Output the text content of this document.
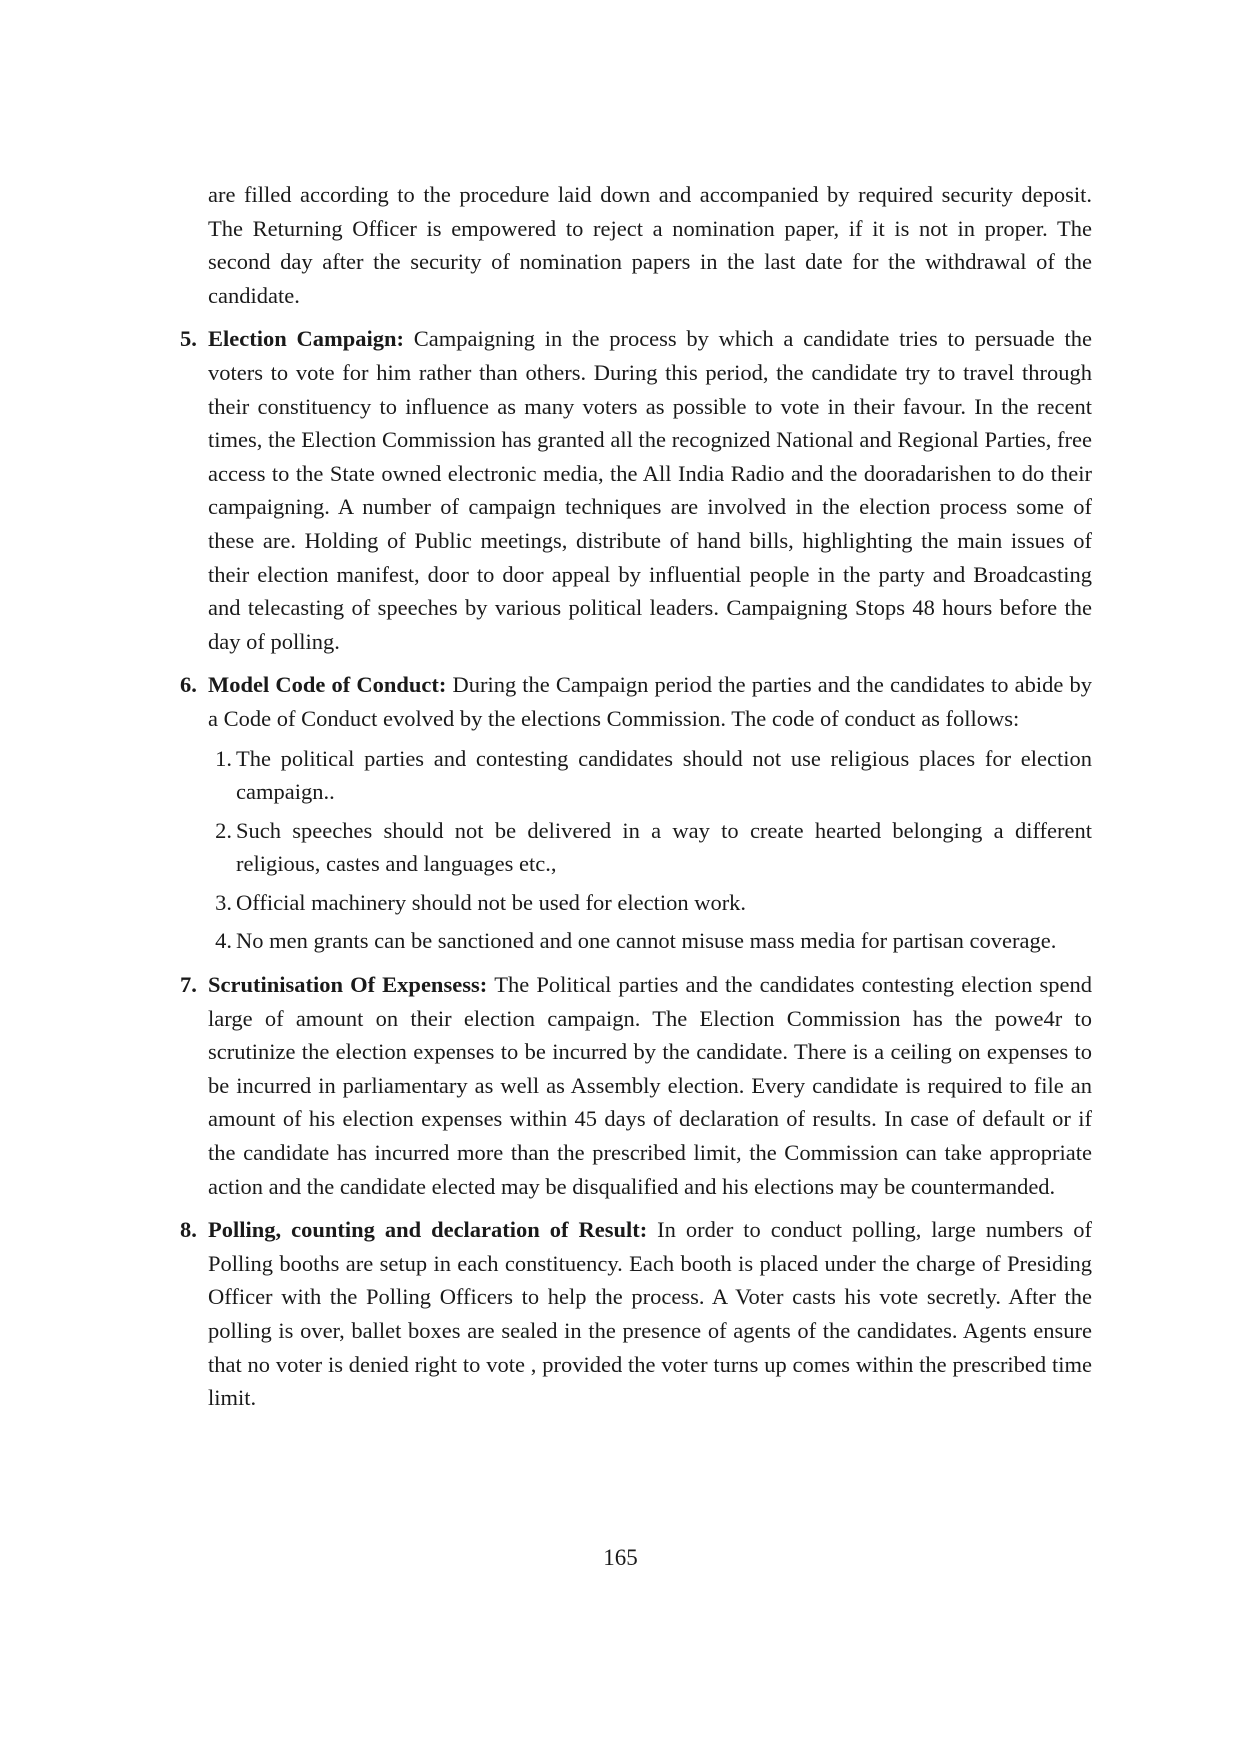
are filled according to the procedure laid down and accompanied by required security deposit. The Returning Officer is empowered to reject a nomination paper, if it is not in proper. The second day after the security of nomination papers in the last date for the withdrawal of the candidate.

5. Election Campaign: Campaigning in the process by which a candidate tries to persuade the voters to vote for him rather than others. During this period, the candidate try to travel through their constituency to influence as many voters as possible to vote in their favour. In the recent times, the Election Commission has granted all the recognized National and Regional Parties, free access to the State owned electronic media, the All India Radio and the dooradarishen to do their campaigning. A number of campaign techniques are involved in the election process some of these are. Holding of Public meetings, distribute of hand bills, highlighting the main issues of their election manifest, door to door appeal by influential people in the party and Broadcasting and telecasting of speeches by various political leaders. Campaigning Stops 48 hours before the day of polling.
6. Model Code of Conduct: During the Campaign period the parties and the candidates to abide by a Code of Conduct evolved by the elections Commission. The code of conduct as follows:
1. The political parties and contesting candidates should not use religious places for election campaign..
2. Such speeches should not be delivered in a way to create hearted belonging a different religious, castes and languages etc.,
3. Official machinery should not be used for election work.
4. No men grants can be sanctioned and one cannot misuse mass media for partisan coverage.
7. Scrutinisation Of Expensess: The Political parties and the candidates contesting election spend large of amount on their election campaign. The Election Commission has the powe4r to scrutinize the election expenses to be incurred by the candidate. There is a ceiling on expenses to be incurred in parliamentary as well as Assembly election. Every candidate is required to file an amount of his election expenses within 45 days of declaration of results. In case of default or if the candidate has incurred more than the prescribed limit, the Commission can take appropriate action and the candidate elected may be disqualified and his elections may be countermanded.
8. Polling, counting and declaration of Result: In order to conduct polling, large numbers of Polling booths are setup in each constituency. Each booth is placed under the charge of Presiding Officer with the Polling Officers to help the process. A Voter casts his vote secretly. After the polling is over, ballet boxes are sealed in the presence of agents of the candidates. Agents ensure that no voter is denied right to vote , provided the voter turns up comes within the prescribed time limit.
165
